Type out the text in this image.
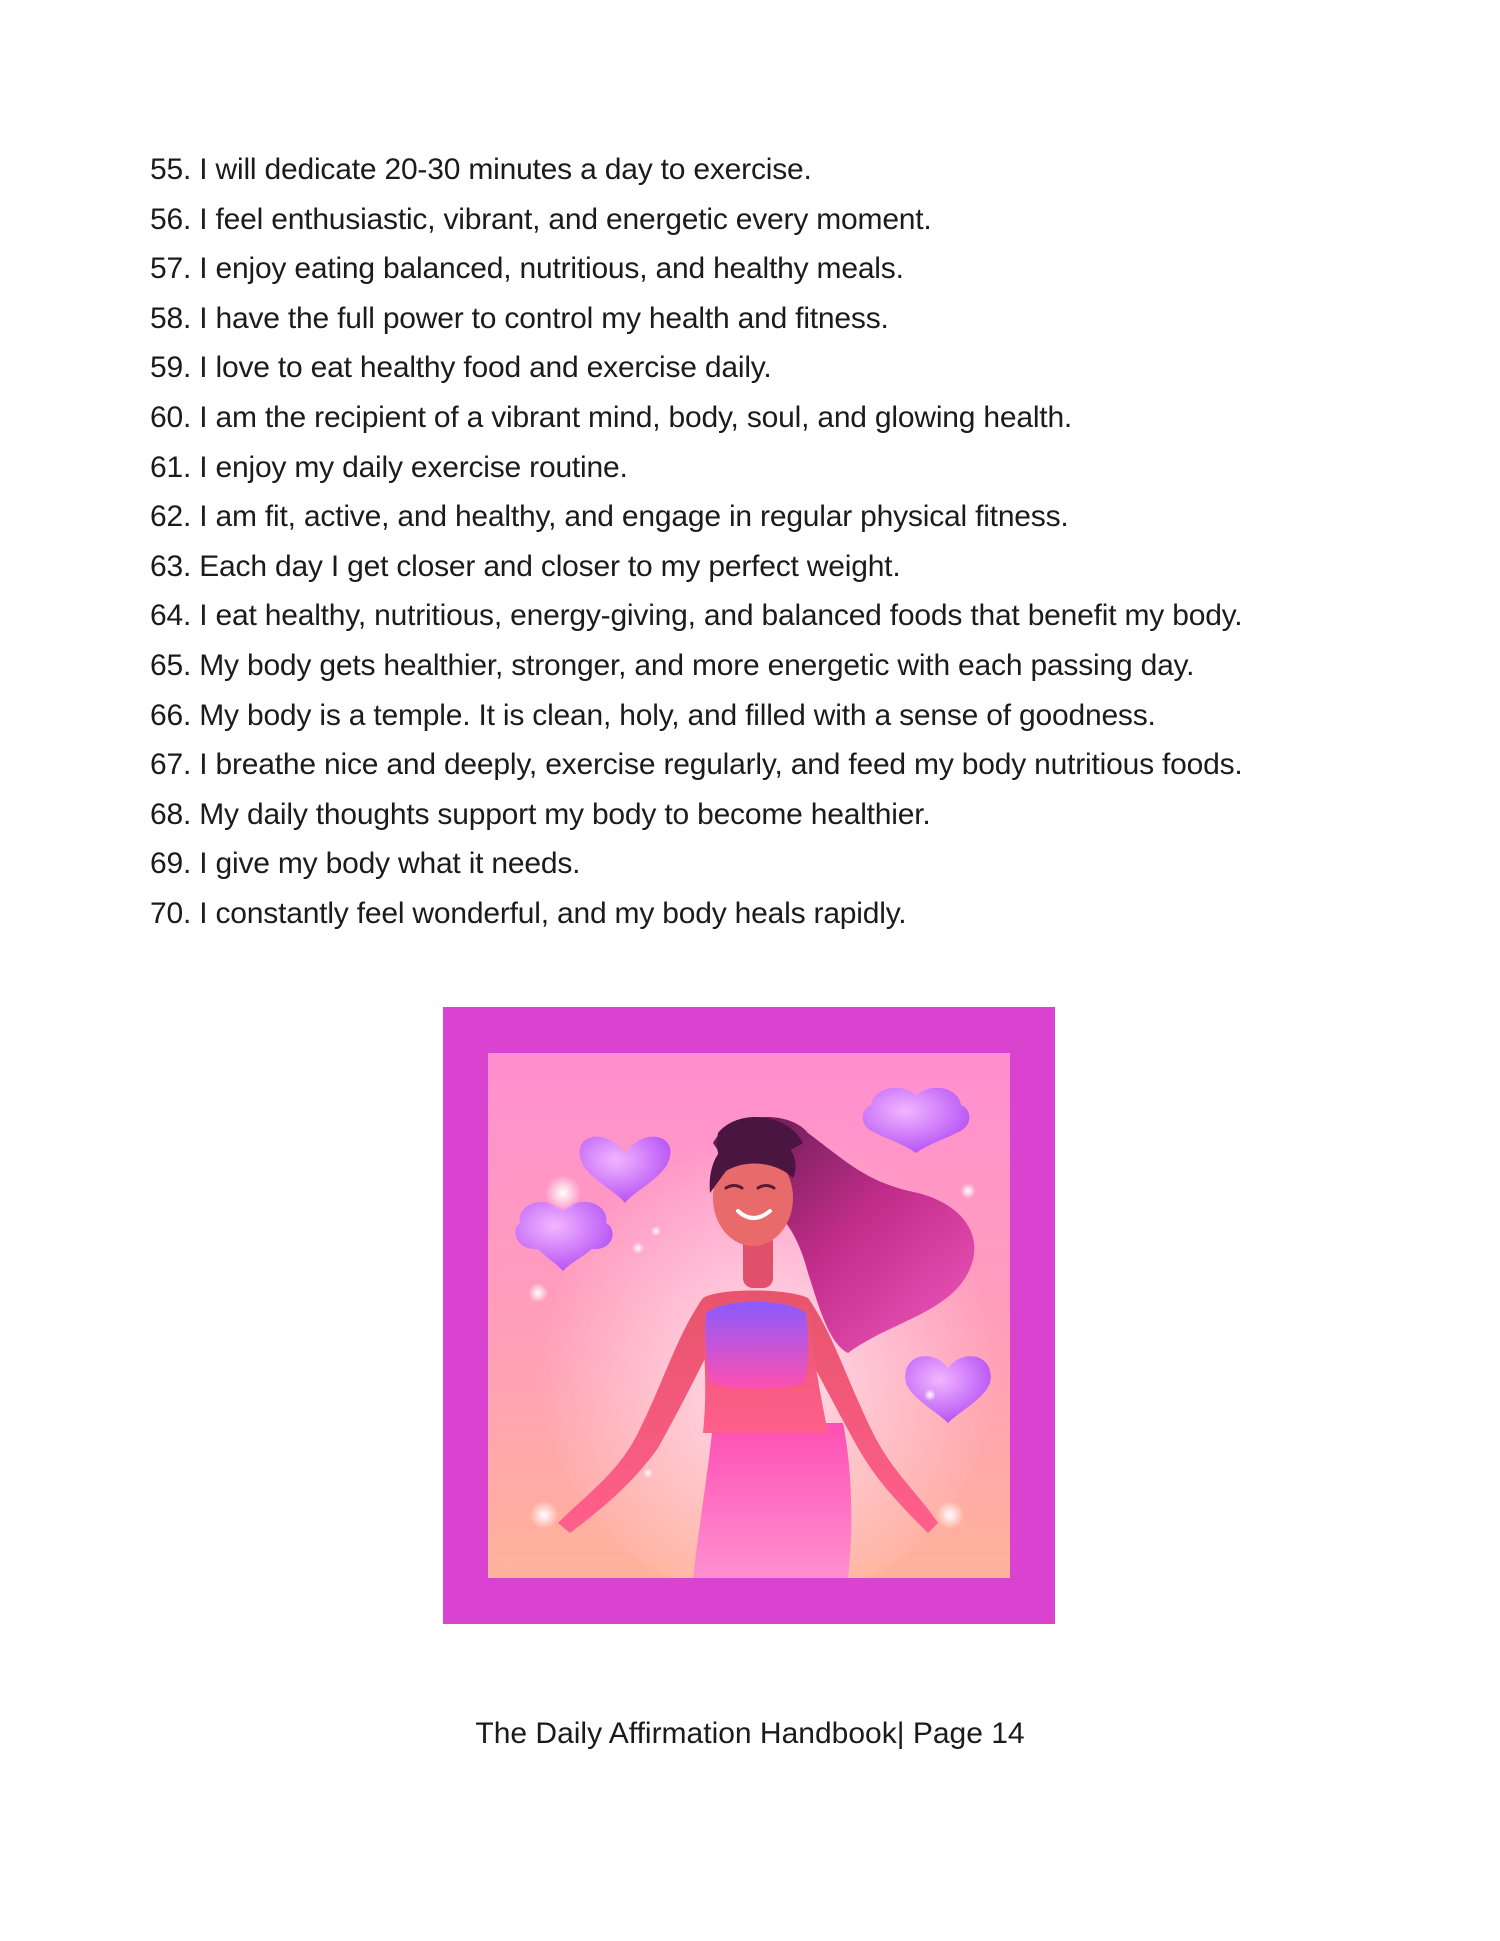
55. I will dedicate 20-30 minutes a day to exercise.
56. I feel enthusiastic, vibrant, and energetic every moment.
57. I enjoy eating balanced, nutritious, and healthy meals.
58. I have the full power to control my health and fitness.
59. I love to eat healthy food and exercise daily.
60. I am the recipient of a vibrant mind, body, soul, and glowing health.
61. I enjoy my daily exercise routine.
62. I am fit, active, and healthy, and engage in regular physical fitness.
63. Each day I get closer and closer to my perfect weight.
64. I eat healthy, nutritious, energy-giving, and balanced foods that benefit my body.
65. My body gets healthier, stronger, and more energetic with each passing day.
66. My body is a temple. It is clean, holy, and filled with a sense of goodness.
67. I breathe nice and deeply, exercise regularly, and feed my body nutritious foods.
68. My daily thoughts support my body to become healthier.
69. I give my body what it needs.
70. I constantly feel wonderful, and my body heals rapidly.
The Daily Affirmation Handbook| Page 14
